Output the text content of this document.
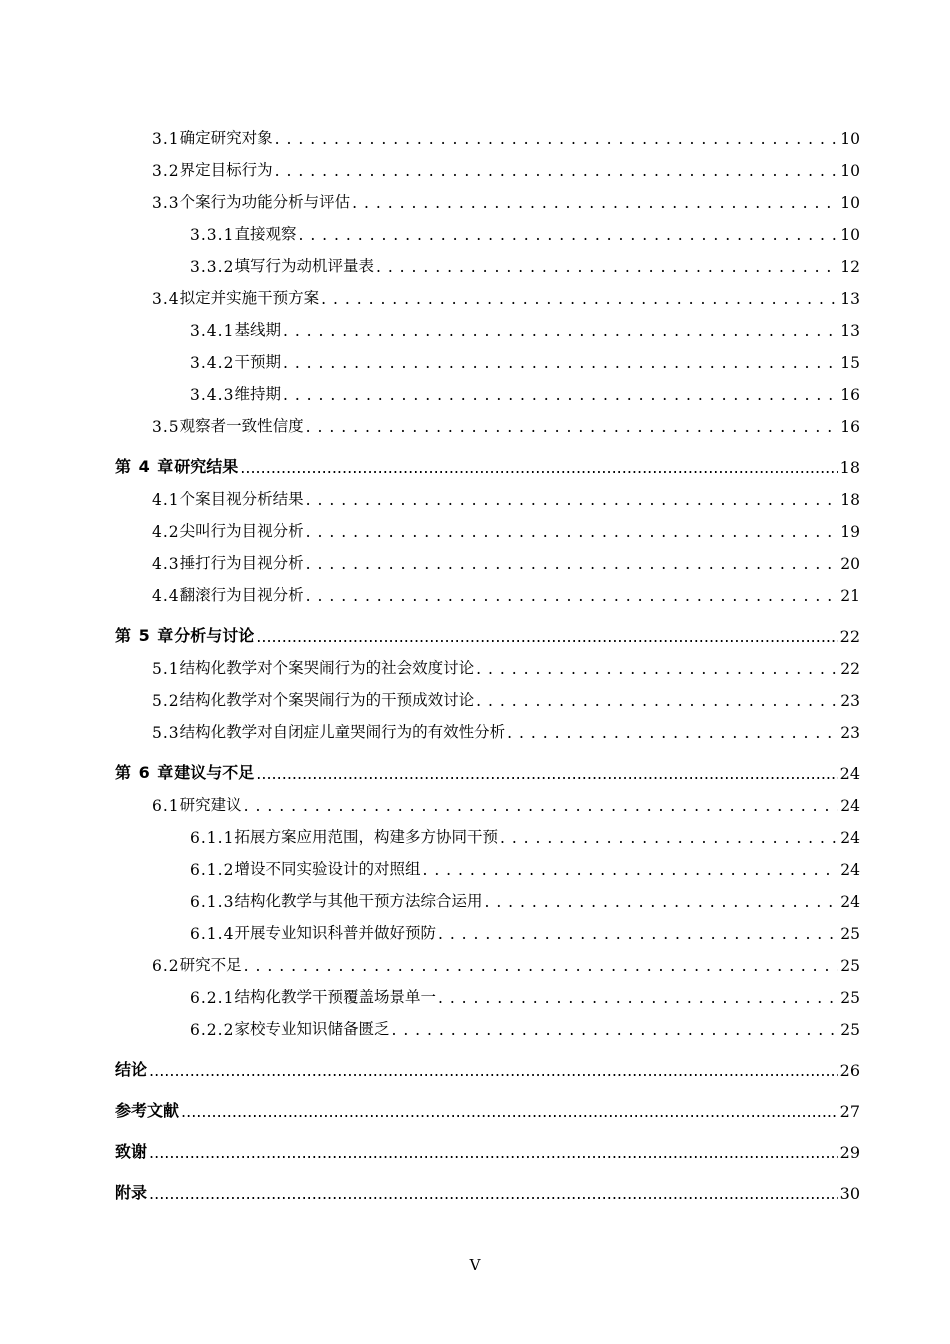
3.1 确定研究对象 . . .	10
3.2 界定目标行为 . . .	10
3.3 个案行为功能分析与评估 . . .	10
3.3.1 直接观察 . . .	10
3.3.2 填写行为动机评量表 . . .	12
3.4 拟定并实施干预方案 . . .	13
3.4.1 基线期 . . .	13
3.4.2 干预期 . . .	15
3.4.3 维持期 . . .	16
3.5 观察者一致性信度 . . .	16
第 4 章 研究结果 .....	18
4.1 个案目视分析结果 . . .	18
4.2 尖叫行为目视分析 . . .	19
4.3 捶打行为目视分析 . . .	20
4.4 翻滚行为目视分析 . . .	21
第 5 章 分析与讨论 .....	22
5.1 结构化教学对个案哭闹行为的社会效度讨论 . . .	22
5.2 结构化教学对个案哭闹行为的干预成效讨论 . . .	23
5.3 结构化教学对自闭症儿童哭闹行为的有效性分析 . . .	23
第 6 章 建议与不足 .....	24
6.1 研究建议 . . .	24
6.1.1 拓展方案应用范围，构建多方协同干预 . . .	24
6.1.2 增设不同实验设计的对照组 . . .	24
6.1.3 结构化教学与其他干预方法综合运用 . . .	24
6.1.4 开展专业知识科普并做好预防 . . .	25
6.2 研究不足 . . .	25
6.2.1 结构化教学干预覆盖场景单一 . . .	25
6.2.2 家校专业知识储备匮乏 . . .	25
结论 .....	26
参考文献 .....	27
致谢 .....	29
附录 .....	30
V
